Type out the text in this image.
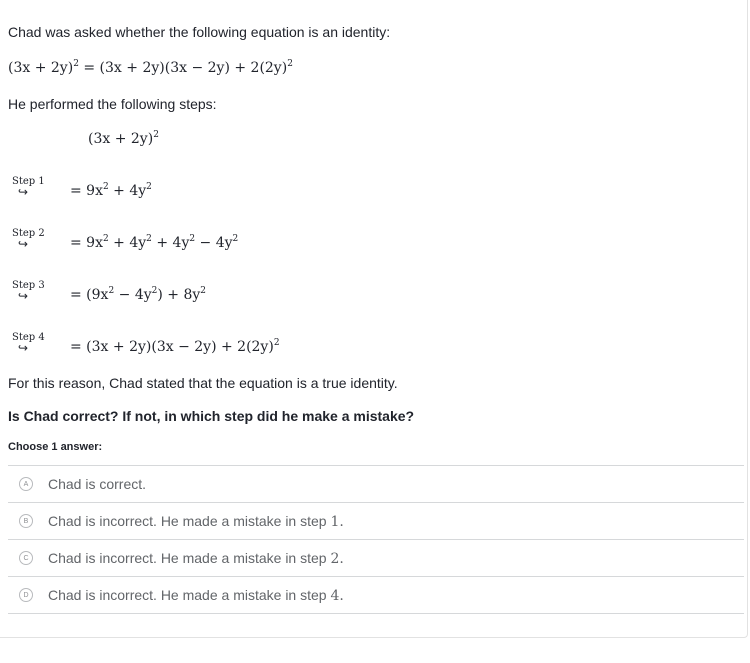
Chad was asked whether the following equation is an identity:
$(3x + 2y)^2 = (3x + 2y)(3x - 2y) + 2(2y)^2$
He performed the following steps:
$(3x + 2y)^2$
Step 1
↪	= $9x^2 + 4y^2$
Step 2
↪	= $9x^2 + 4y^2 + 4y^2 - 4y^2$
Step 3
↪	= $(9x^2 - 4y^2) + 8y^2$
Step 4
↪	= $(3x + 2y)(3x - 2y) + 2(2y)^2$
For this reason, Chad stated that the equation is a true identity.
Is Chad correct? If not, in which step did he make a mistake?
Choose 1 answer:
A	Chad is correct.
B	Chad is incorrect. He made a mistake in step 1.
C	Chad is incorrect. He made a mistake in step 2.
D	Chad is incorrect. He made a mistake in step 4.
